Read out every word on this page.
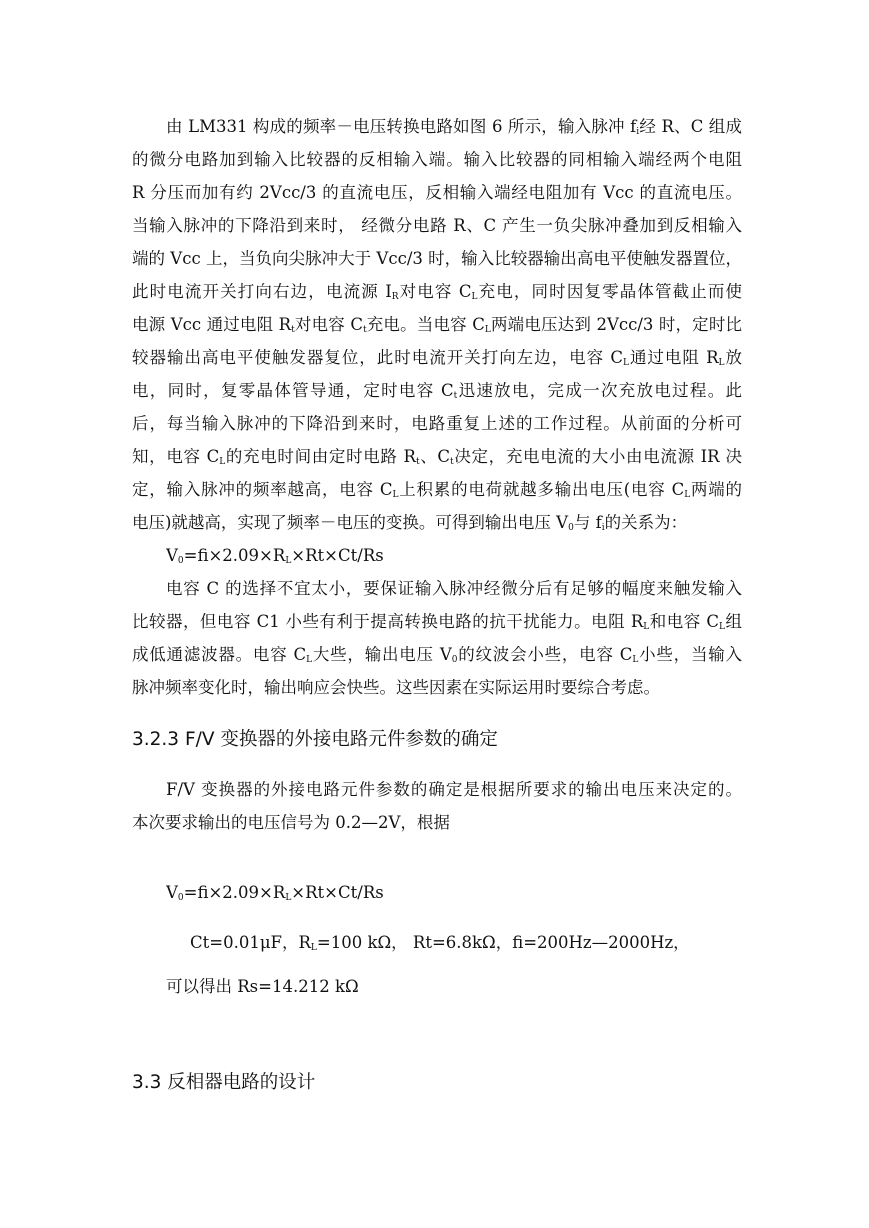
由 LM331 构成的频率－电压转换电路如图 6 所示，输入脉冲 $f_i$经 R、C 组成
的微分电路加到输入比较器的反相输入端。输入比较器的同相输入端经两个电阻
R 分压而加有约 2Vcc/3 的直流电压，反相输入端经电阻加有 Vcc 的直流电压。
当输入脉冲的下降沿到来时， 经微分电路 R、C 产生一负尖脉冲叠加到反相输入
端的 Vcc 上，当负向尖脉冲大于 Vcc/3 时，输入比较器输出高电平使触发器置位，
此时电流开关打向右边，电流源 $I_R$对电容 $C_L$充电，同时因复零晶体管截止而使
电源 Vcc 通过电阻 $R_t$对电容 $C_t$充电。当电容 $C_L$两端电压达到 2Vcc/3 时，定时比
较器输出高电平使触发器复位，此时电流开关打向左边，电容 $C_L$通过电阻 $R_L$放
电，同时，复零晶体管导通，定时电容 $C_t$迅速放电，完成一次充放电过程。此
后，每当输入脉冲的下降沿到来时，电路重复上述的工作过程。从前面的分析可
知，电容 $C_L$的充电时间由定时电路 $R_t$、$C_t$决定，充电电流的大小由电流源 IR 决
定，输入脉冲的频率越高，电容 $C_L$上积累的电荷就越多输出电压(电容 $C_L$两端的
电压)就越高，实现了频率－电压的变换。可得到输出电压 $V_0$与 $f_i$的关系为：
$V_0=fi\times 2.09\times R_L\times Rt\times Ct/Rs$
电容 C 的选择不宜太小，要保证输入脉冲经微分后有足够的幅度来触发输入
比较器，但电容 C1 小些有利于提高转换电路的抗干扰能力。电阻 $R_L$和电容 $C_L$组
成低通滤波器。电容 $C_L$大些，输出电压 $V_0$的纹波会小些，电容 $C_L$小些，当输入
脉冲频率变化时，输出响应会快些。这些因素在实际运用时要综合考虑。
3.2.3 F/V 变换器的外接电路元件参数的确定
F/V 变换器的外接电路元件参数的确定是根据所要求的输出电压来决定的。
本次要求输出的电压信号为 0.2—2V，根据
$V_0=fi\times 2.09\times R_L\times Rt\times Ct/Rs$
Ct=0.01μF，$R_L=100$ kΩ， Rt=6.8kΩ，fi=200Hz—2000Hz，
可以得出 Rs=14.212 kΩ
3.3 反相器电路的设计
